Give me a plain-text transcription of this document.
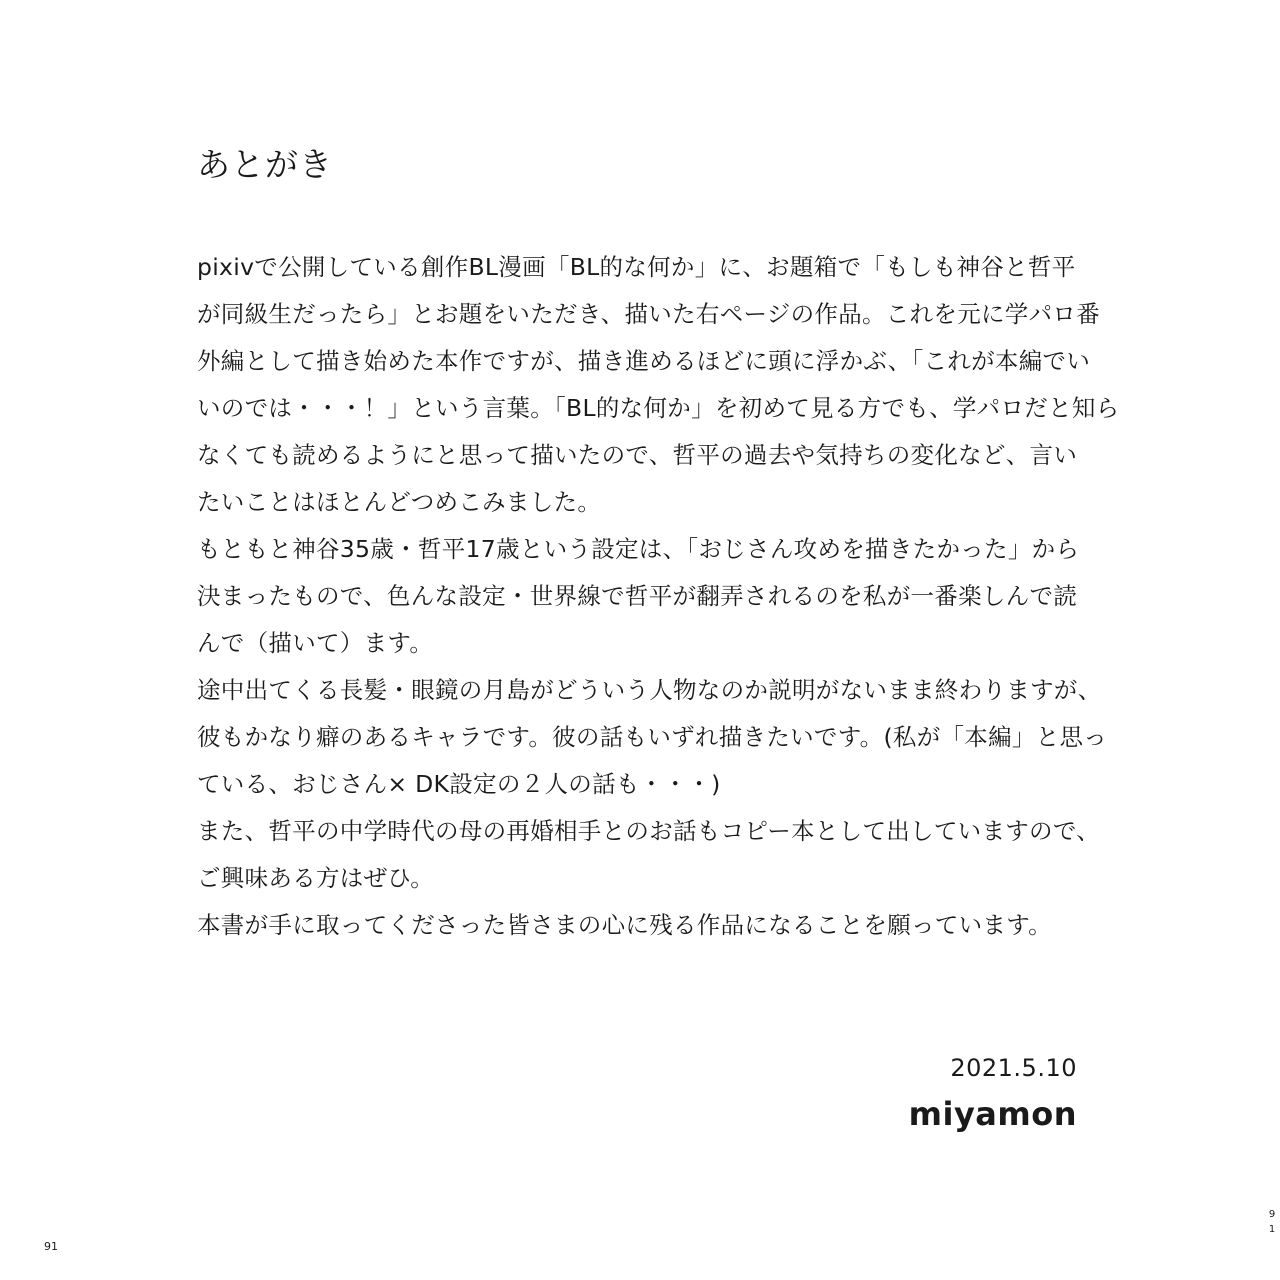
あとがき
pixivで公開している創作BL漫画「BL的な何か」に、お題箱で「もしも神谷と哲平
が同級生だったら」とお題をいただき、描いた右ページの作品。これを元に学パロ番
外編として描き始めた本作ですが、描き進めるほどに頭に浮かぶ、「これが本編でい
いのでは・・・！」という言葉。「BL的な何か」を初めて見る方でも、学パロだと知ら
なくても読めるようにと思って描いたので、哲平の過去や気持ちの変化など、言い
たいことはほとんどつめこみました。
もともと神谷35歳・哲平17歳という設定は、「おじさん攻めを描きたかった」から
決まったもので、色んな設定・世界線で哲平が翻弄されるのを私が一番楽しんで読
んで（描いて）ます。
途中出てくる長髪・眼鏡の月島がどういう人物なのか説明がないまま終わりますが、
彼もかなり癖のあるキャラです。彼の話もいずれ描きたいです。(私が「本編」と思っ
ている、おじさん× DK設定の２人の話も・・・)
また、哲平の中学時代の母の再婚相手とのお話もコピー本として出していますので、
ご興味ある方はぜひ。
本書が手に取ってくださった皆さまの心に残る作品になることを願っています。
2021.5.10
miyamon
91
9
1
